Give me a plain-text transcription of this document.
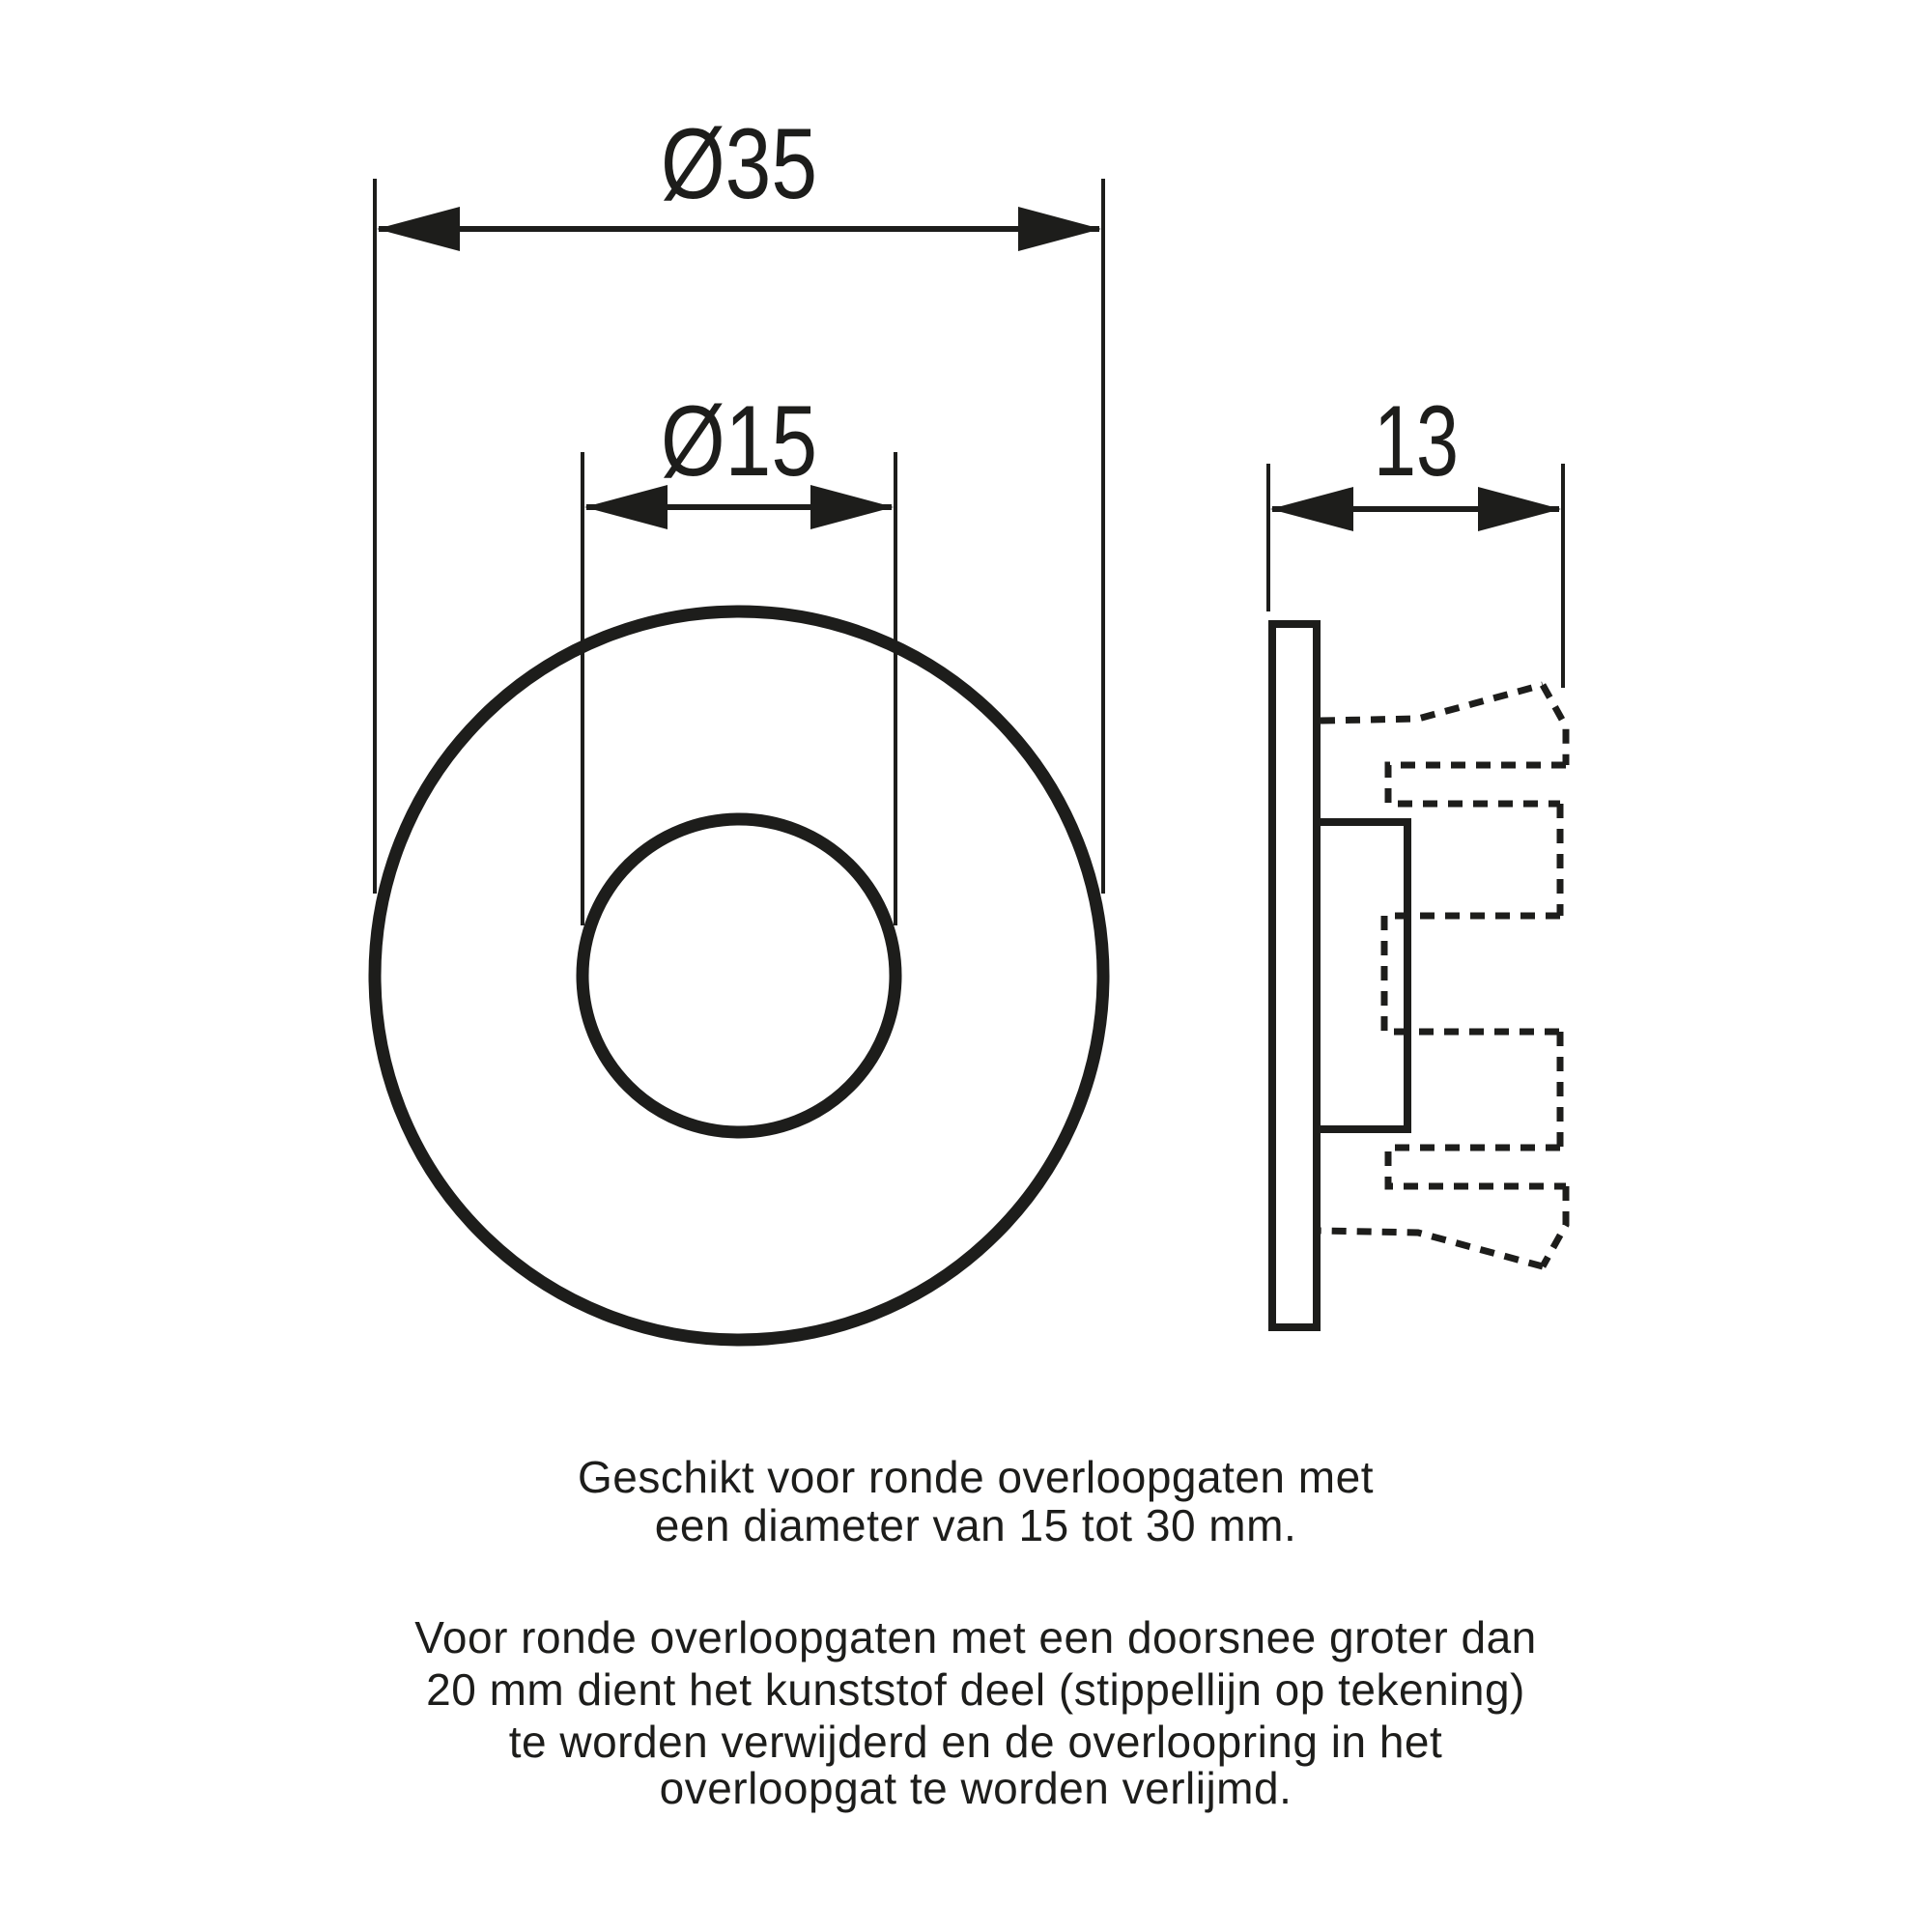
Ø35
Ø15	13
Geschikt voor ronde overloopgaten met
een diameter van 15 tot 30 mm.
Voor ronde overloopgaten met een doorsnee groter dan
20 mm dient het kunststof deel (stippellijn op tekening)
te worden verwijderd en de overloopring in het
overloopgat te worden verlijmd.
